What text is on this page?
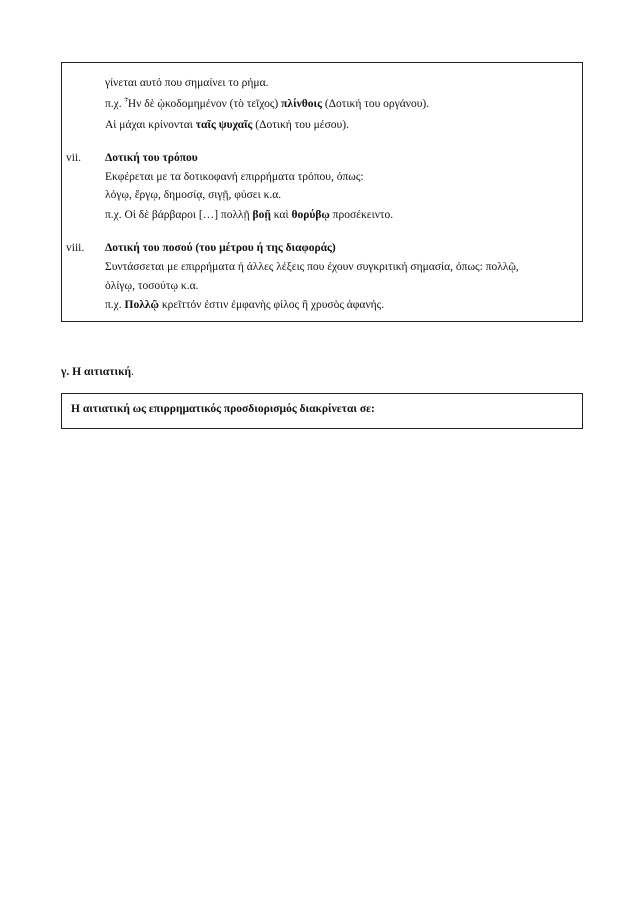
γίνεται αυτό που σημαίνει το ρήμα.
π.χ. Ἦν δὲ ᾠκοδομημένον (τὸ τεῖχος) πλίνθοις (Δοτική του οργάνου).
Αἱ μάχαι κρίνονται ταῖς ψυχαῖς (Δοτική του μέσου).
vii. Δοτική του τρόπου
Εκφέρεται με τα δοτικοφανή επιρρήματα τρόπου, όπως:
λόγῳ, ἔργῳ, δημοσίᾳ, σιγῇ, φύσει κ.α.
π.χ. Οἱ δὲ βάρβαροι […] πολλῇ βοῇ καὶ θορύβῳ προσέκειντο.
viii. Δοτική του ποσού (του μέτρου ή της διαφοράς)
Συντάσσεται με επιρρήματα ή άλλες λέξεις που έχουν συγκριτική σημασία, όπως: πολλῷ,
ὀλίγῳ, τοσούτῳ κ.α.
π.χ. Πολλῷ κρεῖττόν ἐστιν ἐμφανὴς φίλος ἢ χρυσὸς ἀφανής.
γ. Η αιτιατική.
Η αιτιατική ως επιρρηματικός προσδιορισμός διακρίνεται σε:
